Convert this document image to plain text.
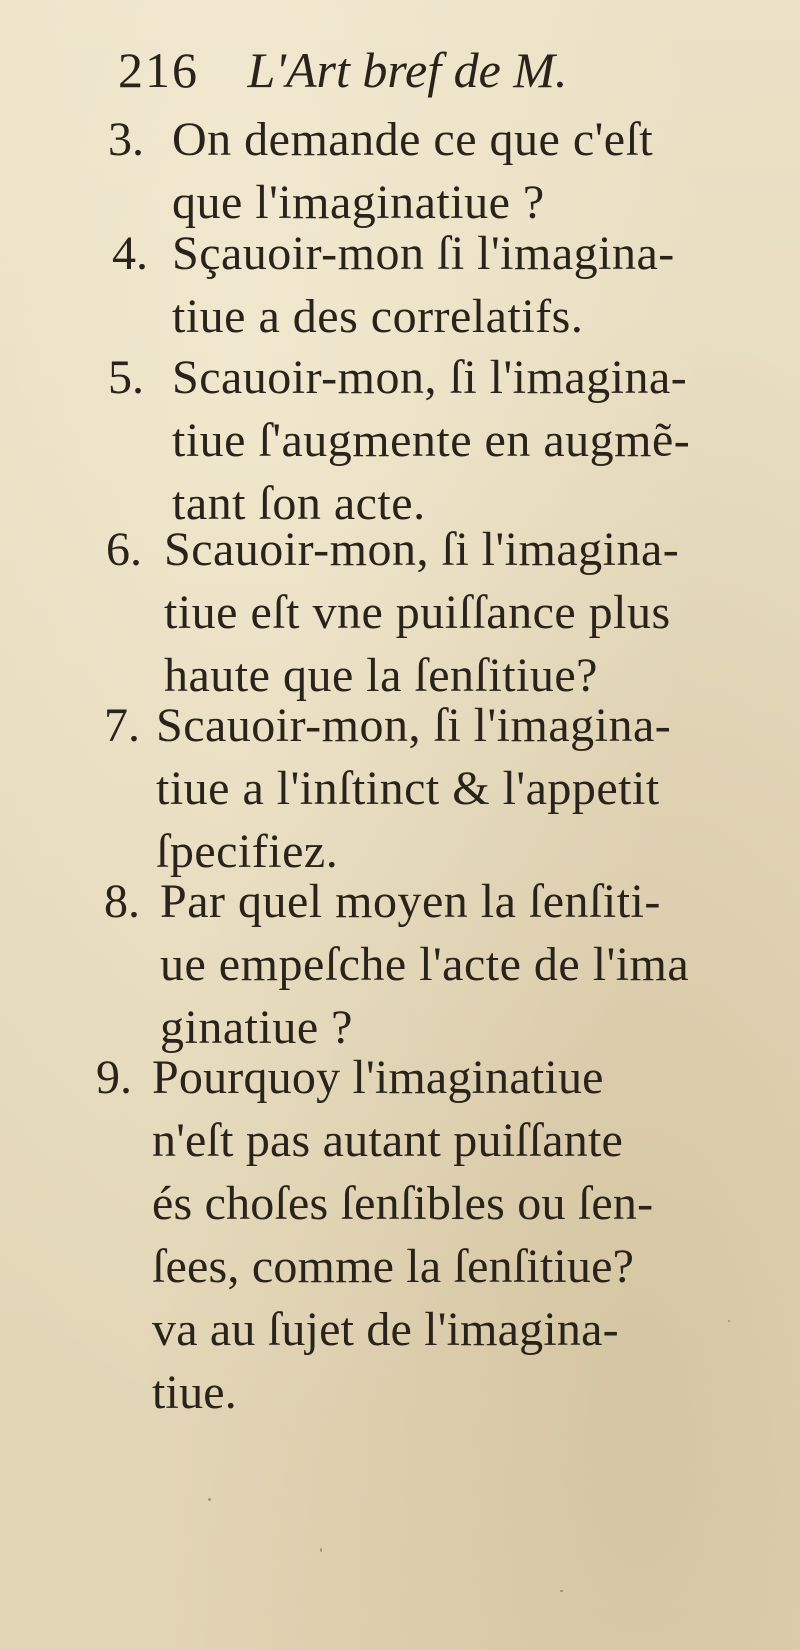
216 L'Art bref de M.
3. On demande ce que c'eſt
que l'imaginatiue ?
4. Sçauoir-mon ſi l'imagina-
tiue a des correlatifs.
5. Scauoir-mon, ſi l'imagina-
tiue ſ'augmente en augmẽ-
tant ſon acte.
6. Scauoir-mon, ſi l'imagina-
tiue eſt vne puiſſance plus
haute que la ſenſitiue?
7. Scauoir-mon, ſi l'imagina-
tiue a l'inſtinct & l'appetit
ſpecifiez.
8. Par quel moyen la ſenſiti-
ue empeſche l'acte de l'ima
ginatiue ?
9. Pourquoy l'imaginatiue
n'eſt pas autant puiſſante
és choſes ſenſibles ou ſen-
ſees, comme la ſenſitiue?
va au ſujet de l'imagina-
tiue.
